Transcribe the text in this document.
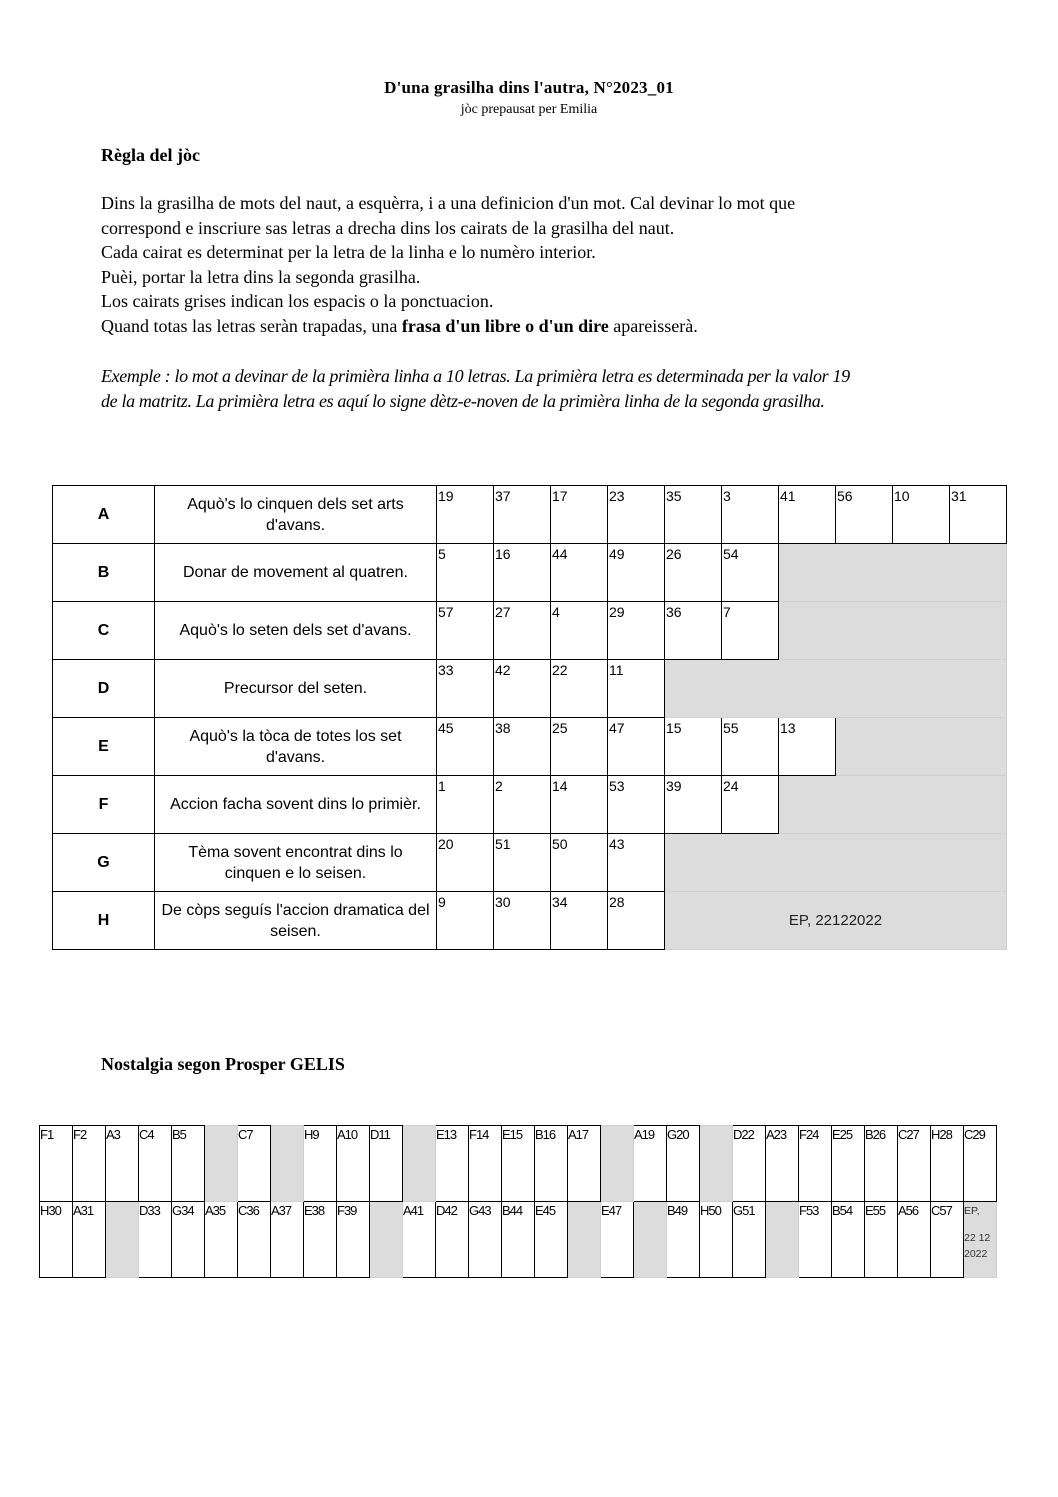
D'una grasilha dins l'autra, N°2023_01
jòc prepausat per Emilia
Règla del jòc

Dins la grasilha de mots del naut, a esquèrra, i a una definicion d'un mot. Cal devinar lo mot que

correspond e inscriure sas letras a drecha dins los cairats de la grasilha del naut.

Cada cairat es determinat per la letra de la linha e lo numèro interior.

Puèi, portar la letra dins la segonda grasilha.

Los cairats grises indican los espacis o la ponctuacion.

Quand totas las letras seràn trapadas, una frasa d'un libre o d'un dire apareisserà.

Exemple : lo mot a devinar de la primièra linha a 10 letras. La primièra letra es determinada per la valor 19

de la matritz. La primièra letra es aquí lo signe dètz-e-noven de la primièra linha de la segonda grasilha.

A	Aquò's lo cinquen dels set arts d'avans.	19	37	17	23	35	3	41	56	10	31

B	Donar de movement al quatren.	5	16	44	49	26	54				

C	Aquò's lo seten dels set d'avans.	57	27	4	29	36	7				

D	Precursor del seten.	33	42	22	11						

E	Aquò's la tòca de totes los set d'avans.	45	38	25	47	15	55	13			

F	Accion facha sovent dins lo primièr.	1	2	14	53	39	24				

G	Tèma sovent encontrat dins lo cinquen e lo seisen.	20	51	50	43						

H	De còps seguís l'accion dramatica del seisen.	9	30	34	28	EP, 22122022					
Nostalgia segon Prosper GELIS
F1	F2	A3	C4	B5		C7		H9	A10	D11		E13	F14	E15	B16	A17		A19	G20		D22	A23	F24	E25	B26	C27	H28	C29

H30	A31		D33	G34	A35	C36	A37	E38	F39		A41	D42	G43	B44	E45		E47		B49	H50	G51		F53	B54	E55	A56	C57	EP,
22 12
2022
